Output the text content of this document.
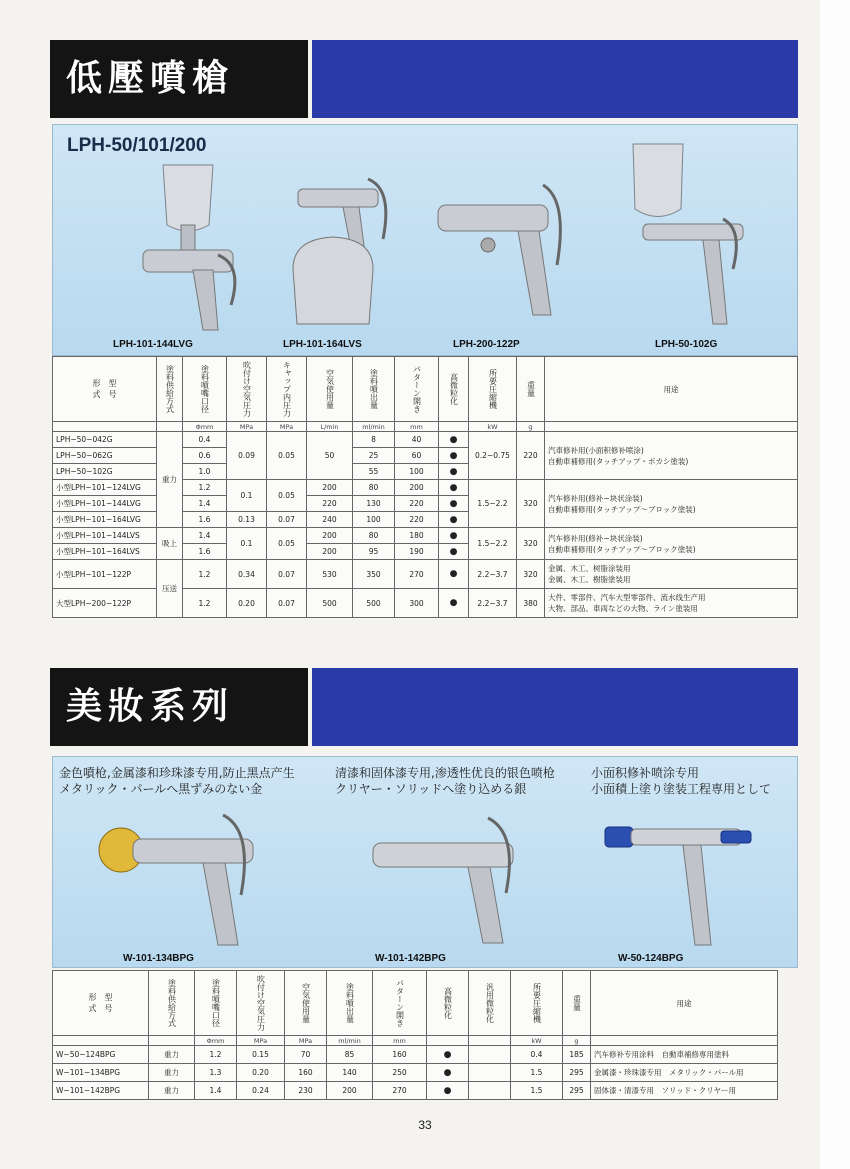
低壓噴槍
LPH-50/101/200
LPH-101-144LVG	LPH-101-164LVS	LPH-200-122P	LPH-50-102G
形　型
式　号	塗料供給方式	塗料噴嘴口径	吹付け空気圧力	キャップ内圧力	空気使用量	塗料噴出量	パターン開き	高微粒化	所要圧縮機	重量	用途
		Φmm	MPa	MPa	L/min	ml/min	mm		kW	g	
LPH−50−042G	重力	0.4	0.09	0.05	50	8	40	●	0.2−0.75	220	汽車修补用(小面积修补喷涂)
自動車補修用(タッチアップ・ボカシ塗装)
LPH−50−062G		0.6				25	60	●			
LPH−50−102G		1.0				55	100	●			
小型LPH−101−124LVG		1.2	0.1	0.05	200	80	200	●	1.5−2.2	320	汽车修补用(修补−块状涂装)
自動車補修用(タッチアップ〜ブロック塗装)
小型LPH−101−144LVG		1.4			220	130	220	●			
小型LPH−101−164LVG		1.6	0.13	0.07	240	100	220	●			
小型LPH−101−144LVS	吸上	1.4	0.1	0.05	200	80	180	●	1.5−2.2	320	汽车修补用(修补−块状涂装)
自動車補修用(タッチアップ〜ブロック塗装)
小型LPH−101−164LVS		1.6			200	95	190	●			
小型LPH−101−122P	压送	1.2	0.34	0.07	530	350	270	●	2.2−3.7	320	金属、木工、树脂涂装用
金属、木工、樹脂塗装用
大型LPH−200−122P		1.2	0.20	0.07	500	500	300	●	2.2−3.7	380	大件、零部件、汽车大型零部件、流水线生产用
大物、部品、車両などの大物、ライン塗装用
美妝系列
金色噴枪,金属漆和珍珠漆专用,防止黑点产生
メタリック・パールへ黒ずみのない金
清漆和固体漆专用,渗透性优良的银色喷枪
クリヤー・ソリッドへ塗り込める銀
小面积修补喷涂专用
小面積上塗り塗装工程専用として
W-101-134BPG	W-101-142BPG	W-50-124BPG
形　型
式　号	塗料供給方式	塗料噴嘴口径	吹付け空気圧力	空気使用量	塗料噴出量	パターン開き	高微粒化	汎用微粒化	所要圧縮機	重量	用途
		Φmm	MPa	MPa	ml/min	mm			kW	g	
W−50−124BPG	重力	1.2	0.15	70	85	160	●		0.4	185	汽车修补专用涂料　自動車補修専用塗料
W−101−134BPG	重力	1.3	0.20	160	140	250	●		1.5	295	金属漆・珍珠漆专用　メタリック・パール用
W−101−142BPG	重力	1.4	0.24	230	200	270	●		1.5	295	固体漆・清漆专用　ソリッド・クリヤー用
33
